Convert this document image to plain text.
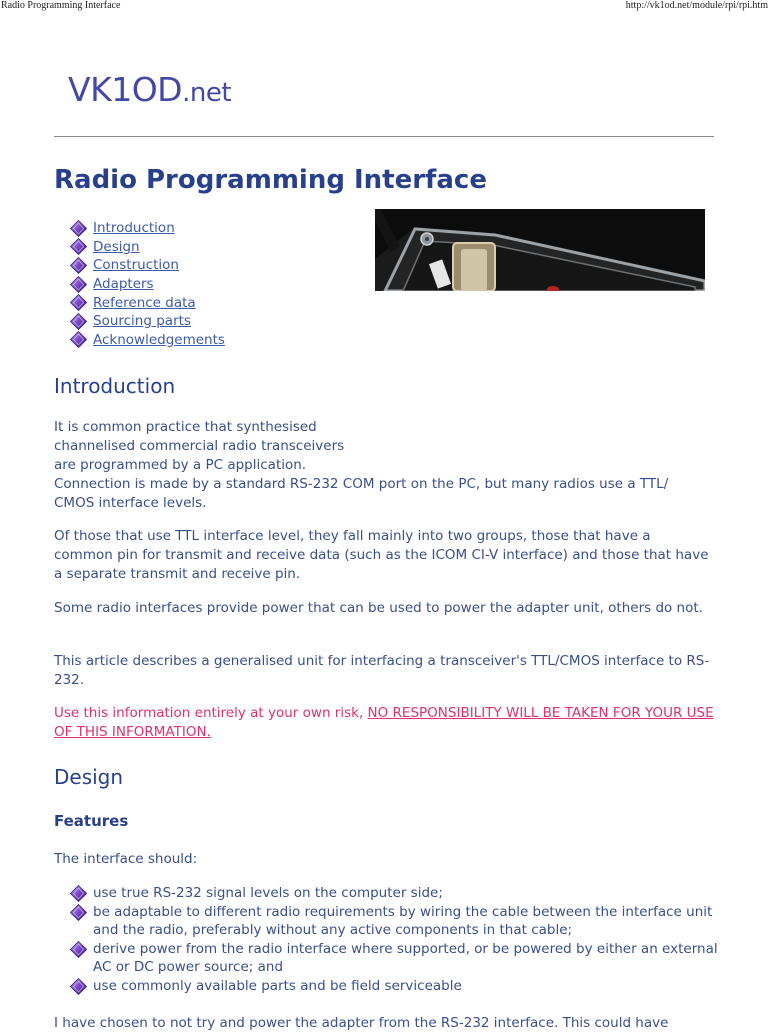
Radio Programming Interface	http://vk1od.net/module/rpi/rpi.htm
VK1OD.net
Radio Programming Interface
Introduction
Design
Construction
Adapters
Reference data
Sourcing parts
Acknowledgements
Introduction

It is common practice that synthesised
channelised commercial radio transceivers
are programmed by a PC application.
Connection is made by a standard RS-232 COM port on the PC, but many radios use a TTL/
CMOS interface levels.

Of those that use TTL interface level, they fall mainly into two groups, those that have a common pin for transmit and receive data (such as the ICOM CI-V interface) and those that have a separate transmit and receive pin.

Some radio interfaces provide power that can be used to power the adapter unit, others do not.

This article describes a generalised unit for interfacing a transceiver's TTL/CMOS interface to RS-232.

Use this information entirely at your own risk, NO RESPONSIBILITY WILL BE TAKEN FOR YOUR USE OF THIS INFORMATION.

Design
Features

The interface should:

use true RS-232 signal levels on the computer side;
be adaptable to different radio requirements by wiring the cable between the interface unit and the radio, preferably without any active components in that cable;
derive power from the radio interface where supported, or be powered by either an external AC or DC power source; and
use commonly available parts and be field serviceable

I have chosen to not try and power the adapter from the RS-232 interface. This could have
